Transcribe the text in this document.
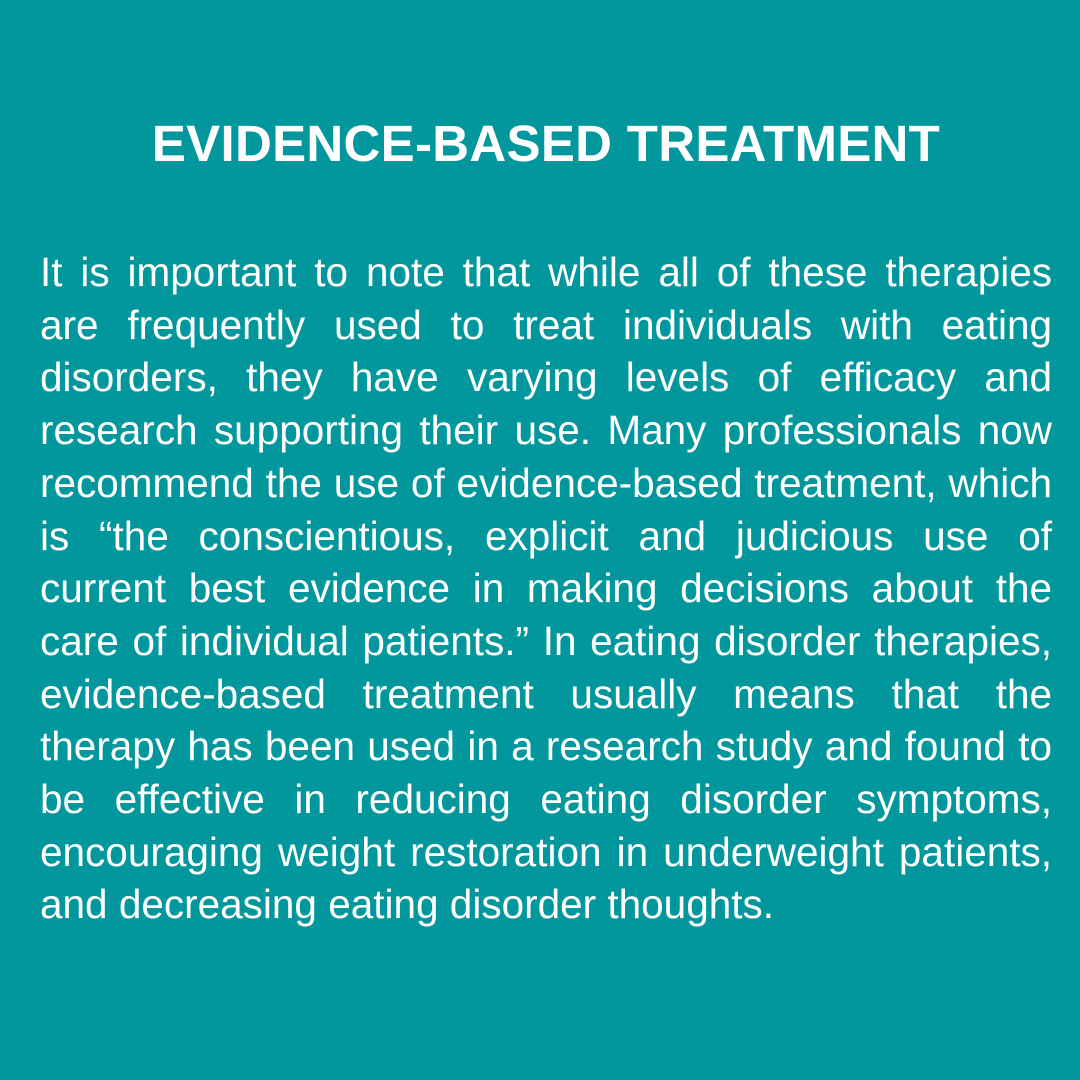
EVIDENCE-BASED TREATMENT

It is important to note that while all of these therapies are frequently used to treat individuals with eating disorders, they have varying levels of efficacy and research supporting their use. Many professionals now recommend the use of evidence-based treatment, which is “the conscientious, explicit and judicious use of current best evidence in making decisions about the care of individual patients.” In eating disorder therapies, evidence-based treatment usually means that the therapy has been used in a research study and found to be effective in reducing eating disorder symptoms, encouraging weight restoration in underweight patients, and decreasing eating disorder thoughts.
